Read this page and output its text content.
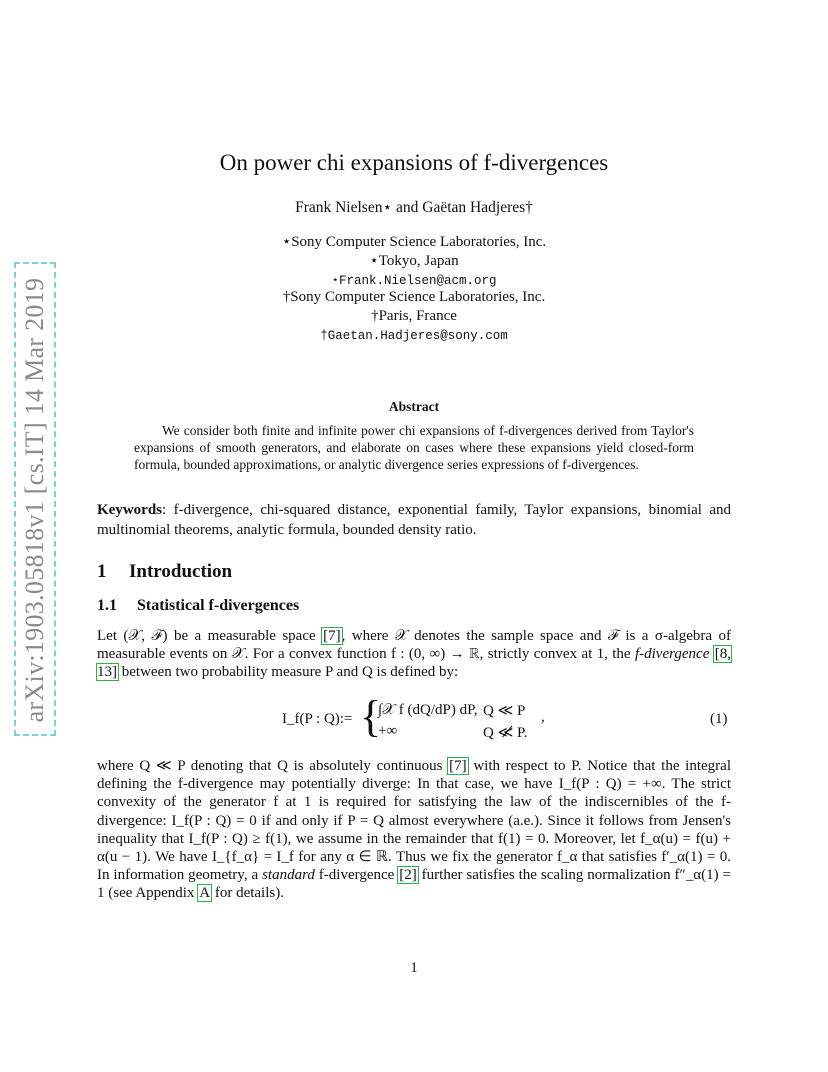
arXiv:1903.05818v1 [cs.IT] 14 Mar 2019
On power chi expansions of f-divergences
Frank Nielsen⋆ and Gaëtan Hadjeres†
⋆Sony Computer Science Laboratories, Inc.
⋆Tokyo, Japan
⋆Frank.Nielsen@acm.org
†Sony Computer Science Laboratories, Inc.
†Paris, France
†Gaetan.Hadjeres@sony.com
Abstract
We consider both finite and infinite power chi expansions of f-divergences derived from Taylor's expansions of smooth generators, and elaborate on cases where these expansions yield closed-form formula, bounded approximations, or analytic divergence series expressions of f-divergences.
Keywords: f-divergence, chi-squared distance, exponential family, Taylor expansions, binomial and multinomial theorems, analytic formula, bounded density ratio.
1 Introduction
1.1 Statistical f-divergences
Let (𝒳, ℱ) be a measurable space [7], where 𝒳 denotes the sample space and ℱ is a σ-algebra of measurable events on 𝒳. For a convex function f : (0, ∞) → ℝ, strictly convex at 1, the f-divergence [8, 13] between two probability measure P and Q is defined by:
I_f(P : Q):= {
∫𝒳 f (dQ/dP) dP,
+∞
Q ≪ P
Q ≪̸ P.
,	(1)
where Q ≪ P denoting that Q is absolutely continuous [7] with respect to P. Notice that the integral defining the f-divergence may potentially diverge: In that case, we have I_f(P : Q) = +∞. The strict convexity of the generator f at 1 is required for satisfying the law of the indiscernibles of the f-divergence: I_f(P : Q) = 0 if and only if P = Q almost everywhere (a.e.). Since it follows from Jensen's inequality that I_f(P : Q) ≥ f(1), we assume in the remainder that f(1) = 0. Moreover, let f_α(u) = f(u) + α(u − 1). We have I_{f_α} = I_f for any α ∈ ℝ. Thus we fix the generator f_α that satisfies f′_α(1) = 0. In information geometry, a standard f-divergence [2] further satisfies the scaling normalization f″_α(1) = 1 (see Appendix A for details).
1
